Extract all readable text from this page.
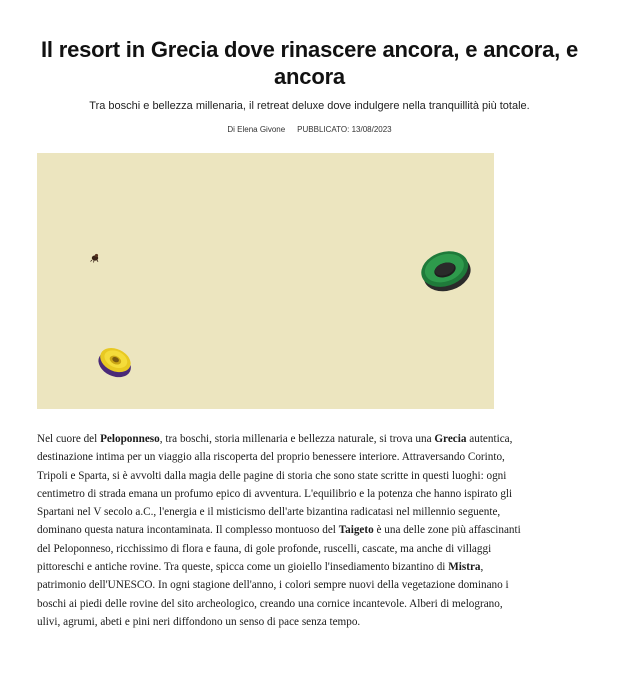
Il resort in Grecia dove rinascere ancora, e ancora, e ancora

Tra boschi e bellezza millenaria, il retreat deluxe dove indulgere nella tranquillità più totale.

Di Elena Givone PUBBLICATO: 13/08/2023

Nel cuore del Peloponneso, tra boschi, storia millenaria e bellezza naturale, si trova una Grecia autentica, destinazione intima per un viaggio alla riscoperta del proprio benessere interiore. Attraversando Corinto, Tripoli e Sparta, si è avvolti dalla magia delle pagine di storia che sono state scritte in questi luoghi: ogni centimetro di strada emana un profumo epico di avventura. L'equilibrio e la potenza che hanno ispirato gli Spartani nel V secolo a.C., l'energia e il misticismo dell'arte bizantina radicatasi nel millennio seguente, dominano questa natura incontaminata. Il complesso montuoso del Taigeto è una delle zone più affascinanti del Peloponneso, ricchissimo di flora e fauna, di gole profonde, ruscelli, cascate, ma anche di villaggi pittoreschi e antiche rovine. Tra queste, spicca come un gioiello l'insediamento bizantino di Mistra, patrimonio dell'UNESCO. In ogni stagione dell'anno, i colori sempre nuovi della vegetazione dominano i boschi ai piedi delle rovine del sito archeologico, creando una cornice incantevole. Alberi di melograno, ulivi, agrumi, abeti e pini neri diffondono un senso di pace senza tempo.
